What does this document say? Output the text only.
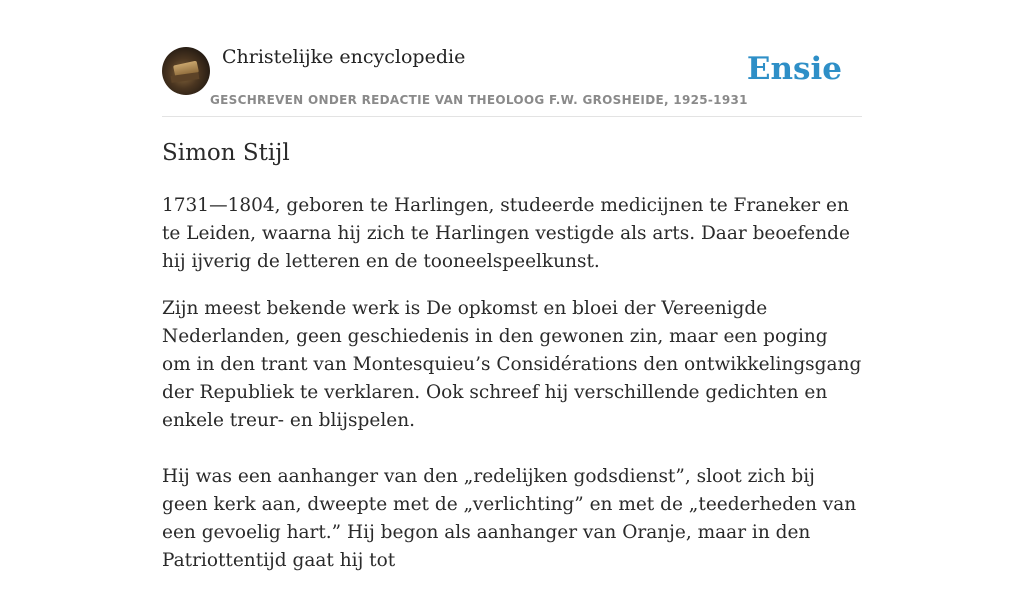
Christelijke encyclopedie
GESCHREVEN ONDER REDACTIE VAN THEOLOOG F.W. GROSHEIDE, 1925-1931
Ensie
Simon Stijl

1731—1804, geboren te Harlingen, studeerde medicijnen te Franeker en te Leiden, waarna hij zich te Harlingen vestigde als arts. Daar beoefende hij ijverig de letteren en de tooneelspeelkunst.

Zijn meest bekende werk is De opkomst en bloei der Vereenigde Nederlanden, geen geschiedenis in den gewonen zin, maar een poging om in den trant van Montesquieu’s Considérations den ontwikkelingsgang der Republiek te verklaren. Ook schreef hij verschillende gedichten en enkele treur- en blijspelen.

Hij was een aanhanger van den „redelijken godsdienst”, sloot zich bij geen kerk aan, dweepte met de „verlichting” en met de „teederheden van een gevoelig hart.” Hij begon als aanhanger van Oranje, maar in den Patriottentijd gaat hij tot
